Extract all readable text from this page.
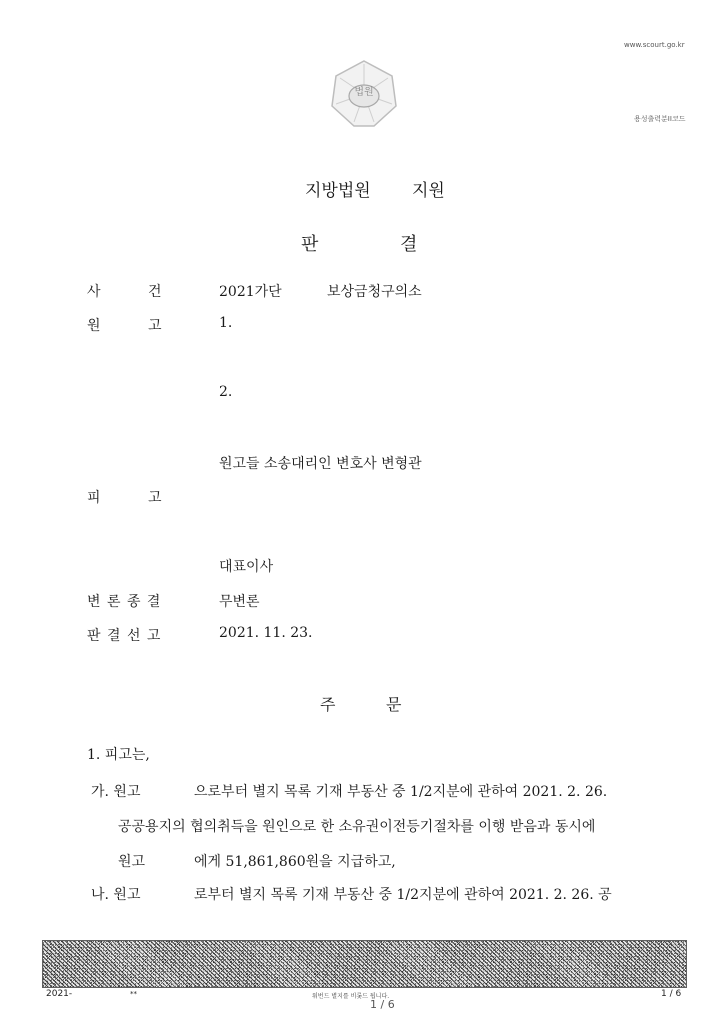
www.scourt.go.kr
법원
용성출력분II코드
지방법원 지원
판	결
사	건	2021가단	보상금청구의소
원	고	1.
2.
원고들 소송대리인 변호사 변형관
피	고
대표이사
변 론 종 결	무변론
판 결 선 고	2021. 11. 23.
주	문
1. 피고는,
가. 원고	으로부터 별지 목록 기재 부동산 중 1/2지분에 관하여 2021. 2. 26.
공공용지의 협의취득을 원인으로 한 소유권이전등기절차를 이행 받음과 동시에
원고	에게 51,861,860원을 지급하고,
나. 원고	로부터 별지 목록 기재 부동산 중 1/2지분에 관하여 2021. 2. 26. 공
2021-	**	워번드 별지를 비롯드 됩니다.
1 / 6
1 / 6
